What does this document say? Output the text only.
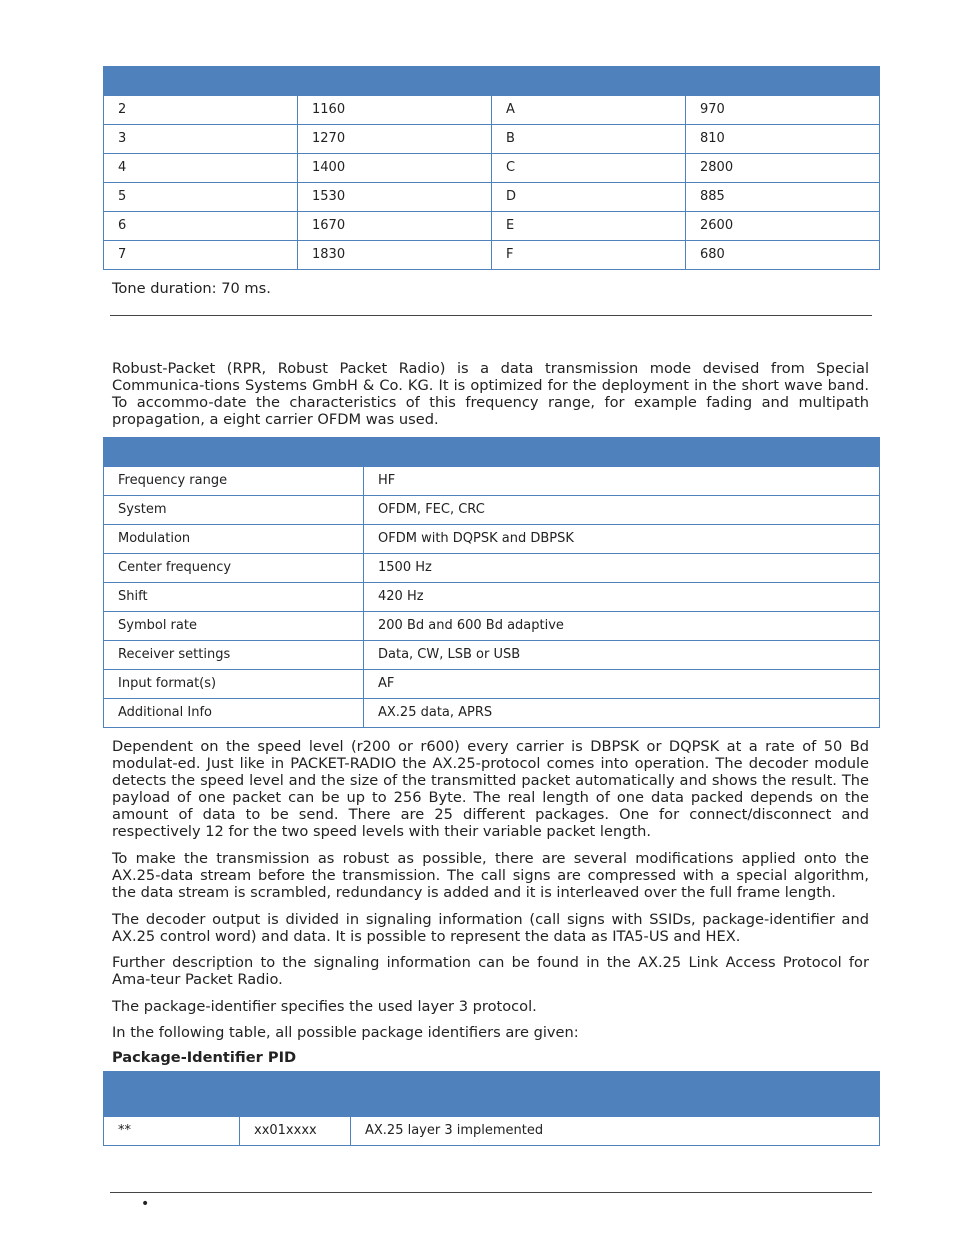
2	1160	A	970
3	1270	B	810
4	1400	C	2800
5	1530	D	885
6	1670	E	2600
7	1830	F	680

Tone duration: 70 ms.

Robust-Packet (RPR, Robust Packet Radio) is a data transmission mode devised from Special Communica-tions Systems GmbH & Co. KG. It is optimized for the deployment in the short wave band. To accommo-date the characteristics of this frequency range, for example fading and multipath propagation, a eight carrier OFDM was used.

Frequency range	HF
System	OFDM, FEC, CRC
Modulation	OFDM with DQPSK and DBPSK
Center frequency	1500 Hz
Shift	420 Hz
Symbol rate	200 Bd and 600 Bd adaptive
Receiver settings	Data, CW, LSB or USB
Input format(s)	AF
Additional Info	AX.25 data, APRS

Dependent on the speed level (r200 or r600) every carrier is DBPSK or DQPSK at a rate of 50 Bd modulat-ed. Just like in PACKET-RADIO the AX.25-protocol comes into operation. The decoder module detects the speed level and the size of the transmitted packet automatically and shows the result. The payload of one packet can be up to 256 Byte. The real length of one data packed depends on the amount of data to be send. There are 25 different packages. One for connect/disconnect and respectively 12 for the two speed levels with their variable packet length.

To make the transmission as robust as possible, there are several modifications applied onto the AX.25-data stream before the transmission. The call signs are compressed with a special algorithm, the data stream is scrambled, redundancy is added and it is interleaved over the full frame length.

The decoder output is divided in signaling information (call signs with SSIDs, package-identifier and AX.25 control word) and data. It is possible to represent the data as ITA5-US and HEX.

Further description to the signaling information can be found in the AX.25 Link Access Protocol for Ama-teur Packet Radio.

The package-identifier specifies the used layer 3 protocol.

In the following table, all possible package identifiers are given:

Package-Identifier PID

**	xx01xxxx	AX.25 layer 3 implemented
•
